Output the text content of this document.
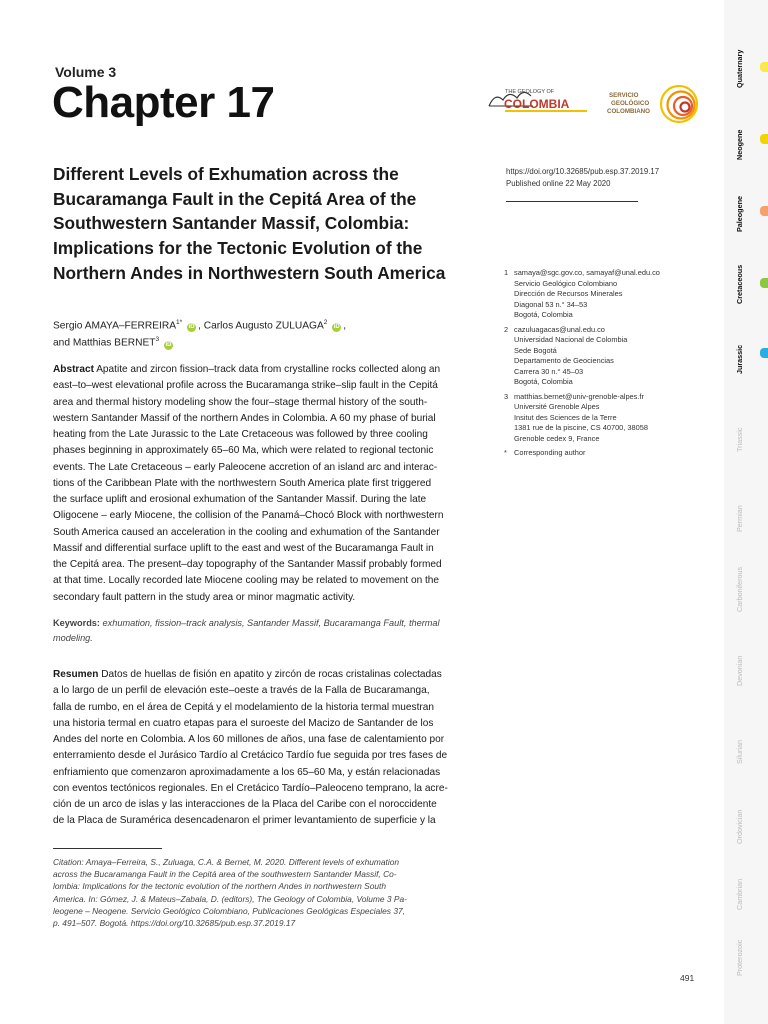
Volume 3
Chapter 17	THE GEOLOGY OF
COLOMBIA
SERVICIO
GEOLÓGICO
COLOMBIANO
Different Levels of Exhumation across the
Bucaramanga Fault in the Cepitá Area of the
Southwestern Santander Massif, Colombia:
Implications for the Tectonic Evolution of the
Northern Andes in Northwestern South America
https://doi.org/10.32685/pub.esp.37.2019.17
Published online 22 May 2020
Sergio AMAYA–$FERREIRA^{1*}$ iD , Carlos Augusto ZULUAGA$^2$ iD ,
and Matthias BERNET$^3$ iD
1 samaya@sgc.gov.co, samayaf@unal.edu.co
Servicio Geológico Colombiano
Dirección de Recursos Minerales
Diagonal 53 n.° 34–53
Bogotá, Colombia
2 cazuluagacas@unal.edu.co
Universidad Nacional de Colombia
Sede Bogotá
Departamento de Geociencias
Carrera 30 n.° 45–03
Bogotá, Colombia
3 matthias.bernet@univ-grenoble-alpes.fr
Université Grenoble Alpes
Insitut des Sciences de la Terre
1381 rue de la piscine, CS 40700, 38058
Grenoble cedex 9, France
* Corresponding author
Abstract Apatite and zircon fission–track data from crystalline rocks collected along an
east–to–west elevational profile across the Bucaramanga strike–slip fault in the Cepitá
area and thermal history modeling show the four–stage thermal history of the south-
western Santander Massif of the northern Andes in Colombia. A 60 my phase of burial
heating from the Late Jurassic to the Late Cretaceous was followed by three cooling
phases beginning in approximately 65–60 Ma, which were related to regional tectonic
events. The Late Cretaceous – early Paleocene accretion of an island arc and interac-
tions of the Caribbean Plate with the northwestern South America plate first triggered
the surface uplift and erosional exhumation of the Santander Massif. During the late
Oligocene – early Miocene, the collision of the Panamá–Chocó Block with northwestern
South America caused an acceleration in the cooling and exhumation of the Santander
Massif and differential surface uplift to the east and west of the Bucaramanga Fault in
the Cepitá area. The present–day topography of the Santander Massif probably formed
at that time. Locally recorded late Miocene cooling may be related to movement on the
secondary fault pattern in the study area or minor magmatic activity.
Keywords: exhumation, fission–track analysis, Santander Massif, Bucaramanga Fault, thermal
modeling.
Resumen Datos de huellas de fisión en apatito y zircón de rocas cristalinas colectadas
a lo largo de un perfil de elevación este–oeste a través de la Falla de Bucaramanga,
falla de rumbo, en el área de Cepitá y el modelamiento de la historia termal muestran
una historia termal en cuatro etapas para el suroeste del Macizo de Santander de los
Andes del norte en Colombia. A los 60 millones de años, una fase de calentamiento por
enterramiento desde el Jurásico Tardío al Cretácico Tardío fue seguida por tres fases de
enfriamiento que comenzaron aproximadamente a los 65–60 Ma, y están relacionadas
con eventos tectónicos regionales. En el Cretácico Tardío–Paleoceno temprano, la acre-
ción de un arco de islas y las interacciones de la Placa del Caribe con el noroccidente
de la Placa de Suramérica desencadenaron el primer levantamiento de superficie y la
Citation: Amaya–Ferreira, S., Zuluaga, C.A. & Bernet, M. 2020. Different levels of exhumation
across the Bucaramanga Fault in the Cepitá area of the southwestern Santander Massif, Co-
lombia: Implications for the tectonic evolution of the northern Andes in northwestern South
America. In: Gómez, J. & Mateus–Zabala, D. (editors), The Geology of Colombia, Volume 3 Pa-
leogene – Neogene. Servicio Geológico Colombiano, Publicaciones Geológicas Especiales 37,
p. 491–507. Bogotá. https://doi.org/10.32685/pub.esp.37.2019.17
491
Quaternary
Neogene
Paleogene
Cretaceous
Jurassic
Triassic
Permian
Carboniferous
Devonian
Silurian
Ordovician
Cambrian
Proterozoic
